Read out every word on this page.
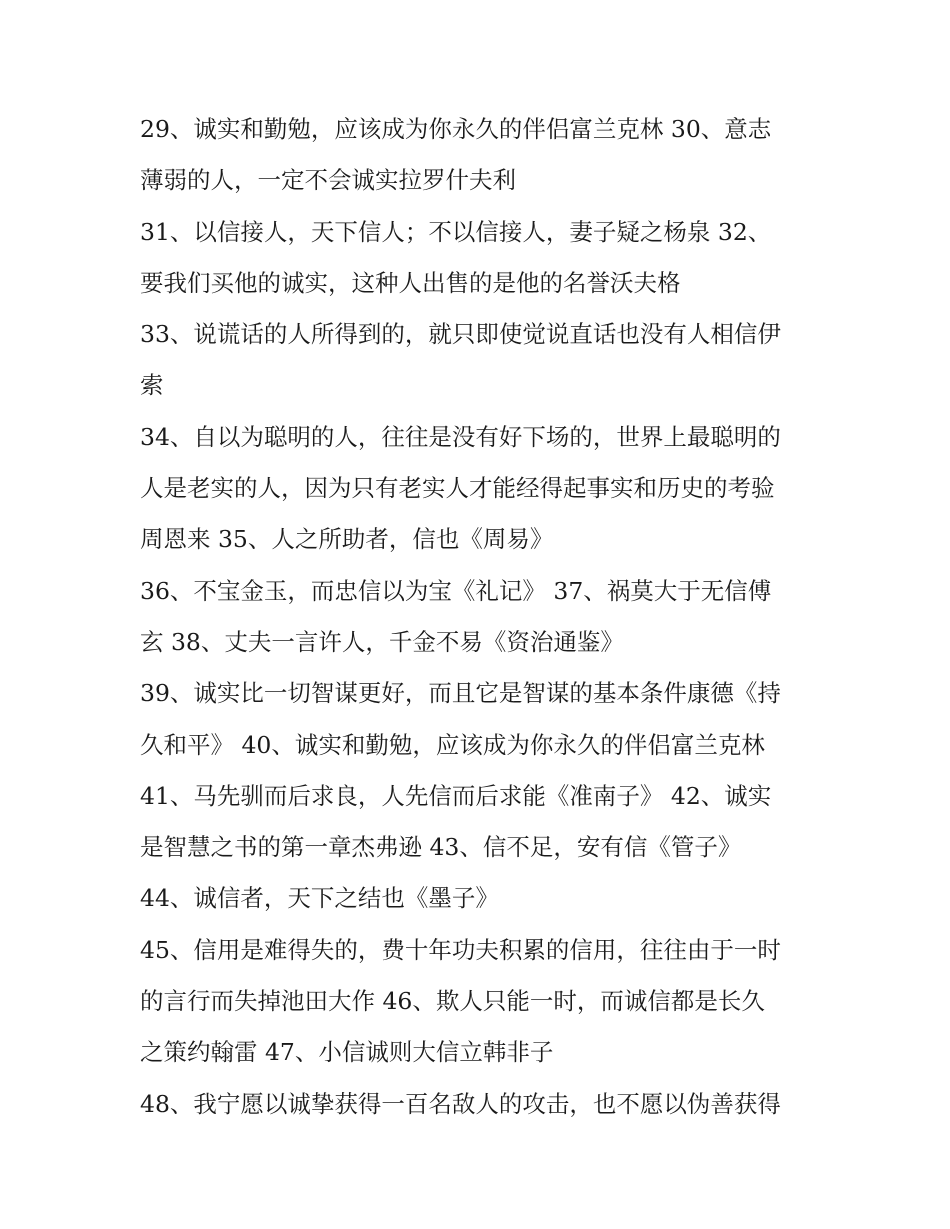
29、诚实和勤勉，应该成为你永久的伴侣富兰克林 30、意志
薄弱的人，一定不会诚实拉罗什夫利
31、以信接人，天下信人；不以信接人，妻子疑之杨泉 32、
要我们买他的诚实，这种人出售的是他的名誉沃夫格
33、说谎话的人所得到的，就只即使觉说直话也没有人相信伊
索
34、自以为聪明的人，往往是没有好下场的，世界上最聪明的
人是老实的人，因为只有老实人才能经得起事实和历史的考验
周恩来 35、人之所助者，信也《周易》
36、不宝金玉，而忠信以为宝《礼记》 37、祸莫大于无信傅
玄 38、丈夫一言许人，千金不易《资治通鉴》
39、诚实比一切智谋更好，而且它是智谋的基本条件康德《持
久和平》 40、诚实和勤勉，应该成为你永久的伴侣富兰克林
41、马先驯而后求良，人先信而后求能《准南子》 42、诚实
是智慧之书的第一章杰弗逊 43、信不足，安有信《管子》
44、诚信者，天下之结也《墨子》
45、信用是难得失的，费十年功夫积累的信用，往往由于一时
的言行而失掉池田大作 46、欺人只能一时，而诚信都是长久
之策约翰雷 47、小信诚则大信立韩非子
48、我宁愿以诚挚获得一百名敌人的攻击，也不愿以伪善获得
